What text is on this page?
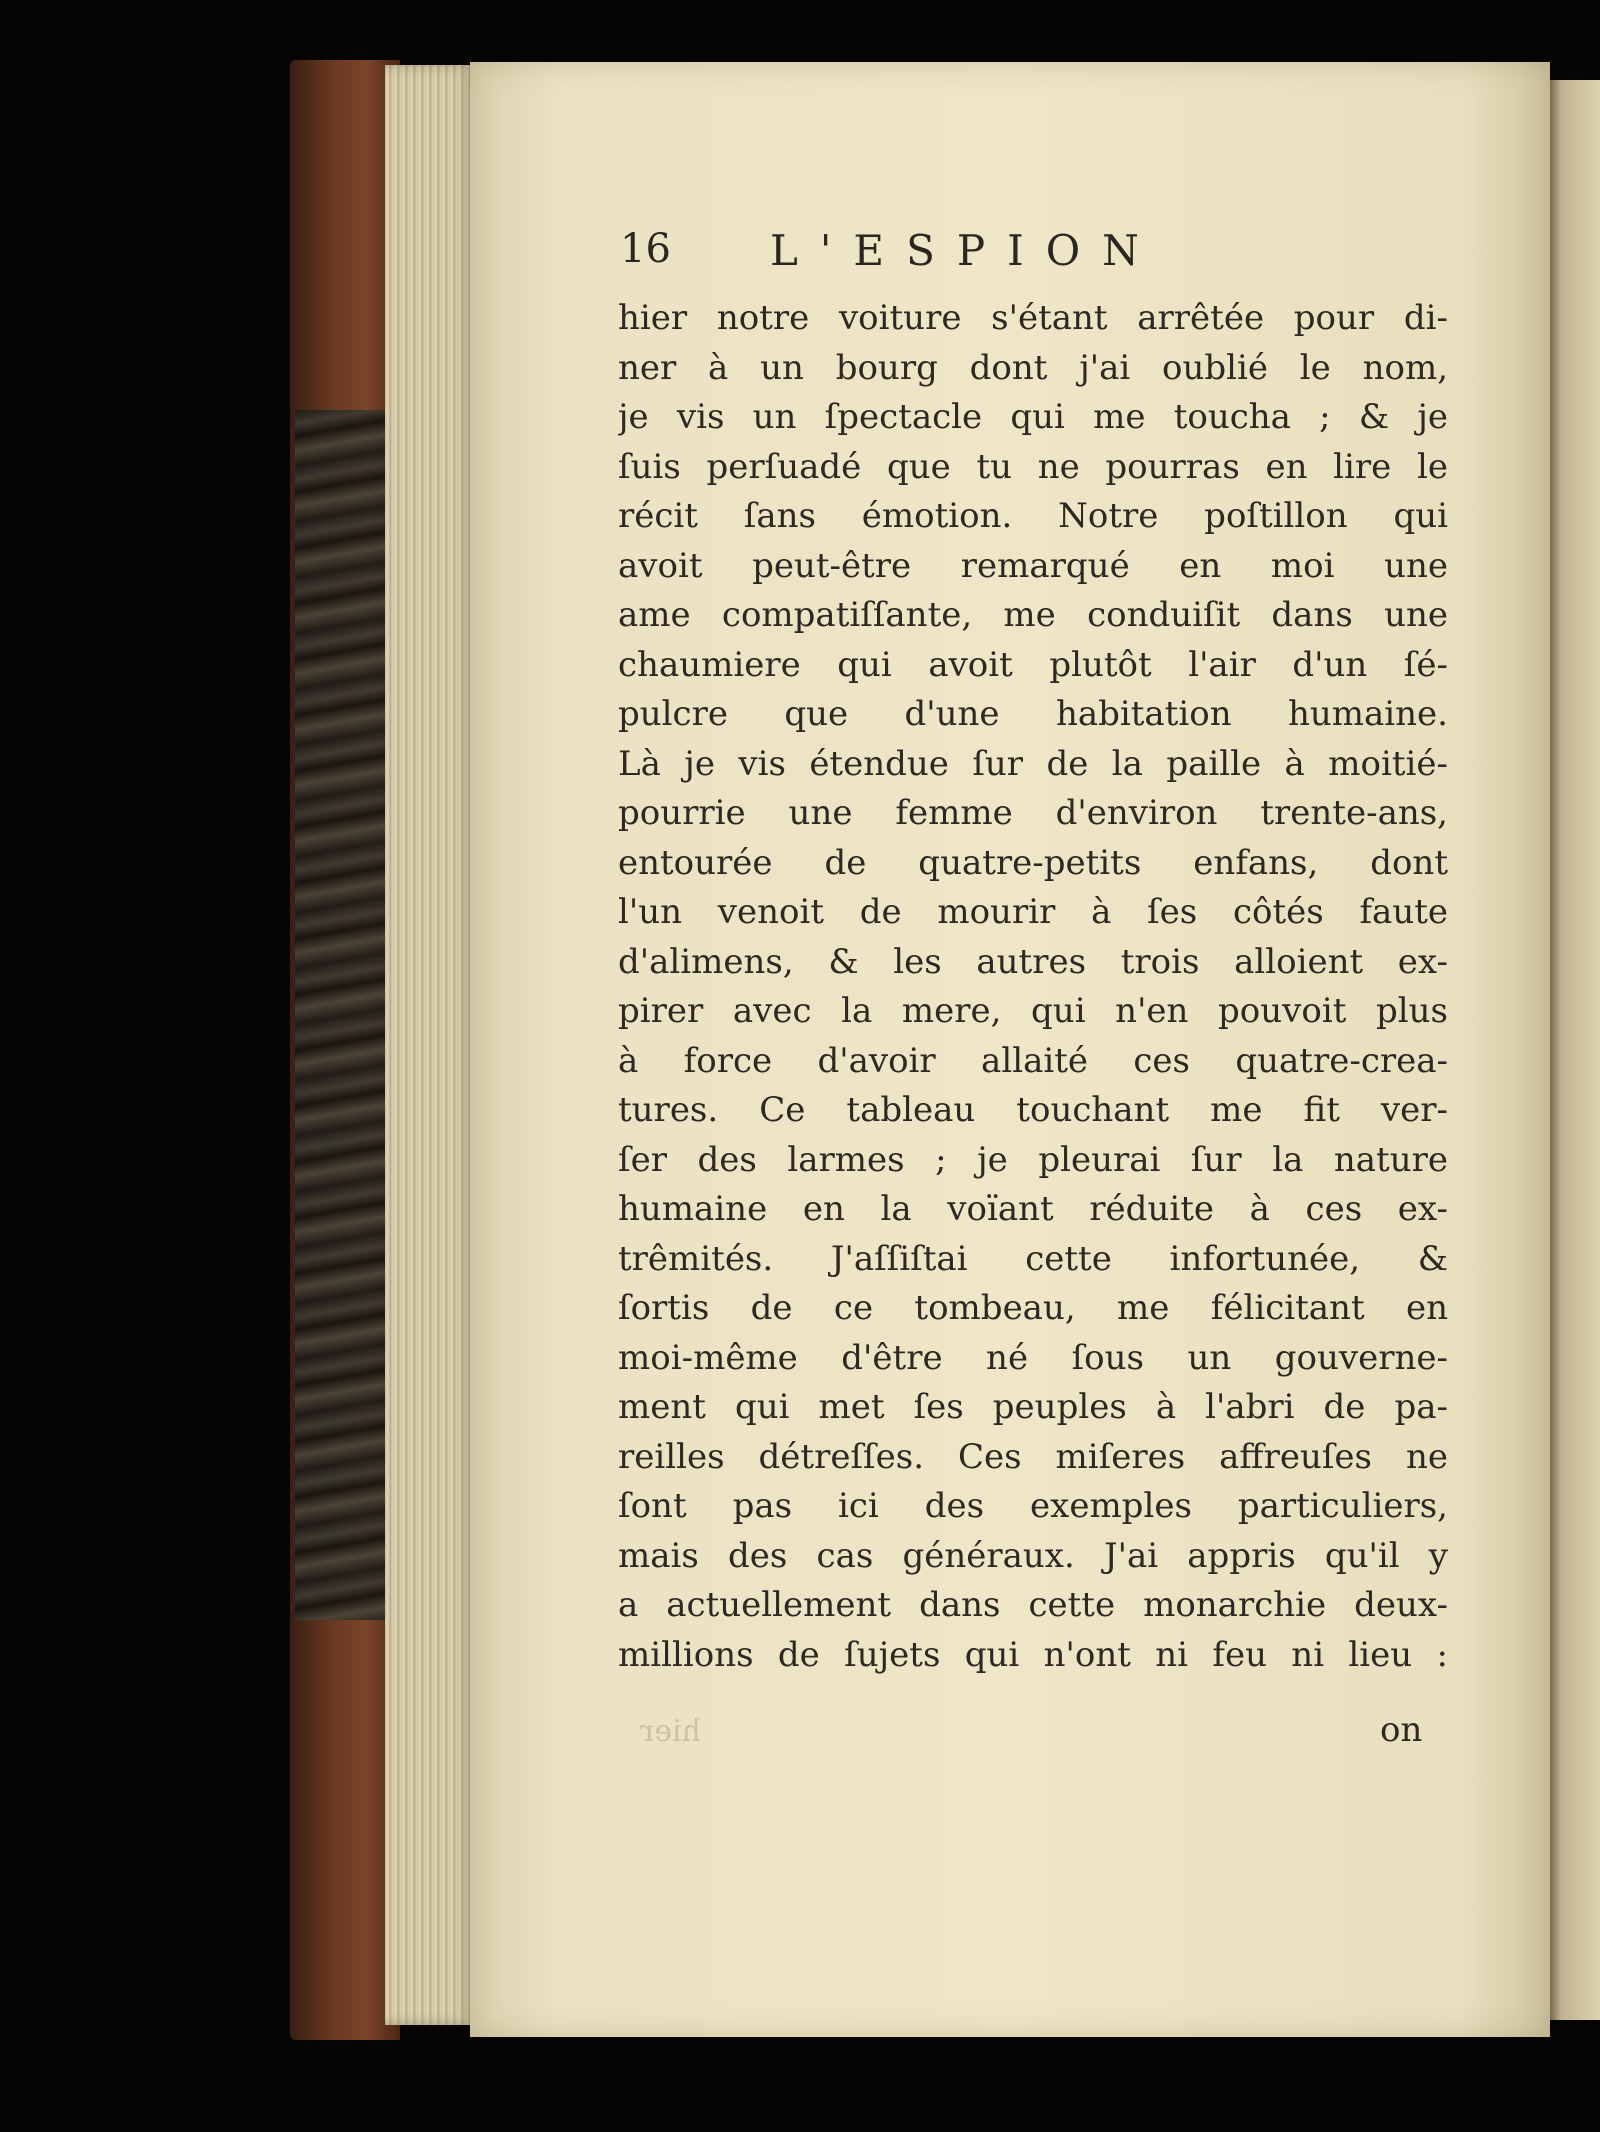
16 L'ESPION
hier notre voiture s'étant arrêtée pour di-
ner à un bourg dont j'ai oublié le nom,
je vis un ſpectacle qui me toucha ; & je
ſuis perſuadé que tu ne pourras en lire le
récit ſans émotion. Notre poſtillon qui
avoit peut-être remarqué en moi une
ame compatiſſante, me conduiſit dans une
chaumiere qui avoit plutôt l'air d'un ſé-
pulcre que d'une habitation humaine.
Là je vis étendue ſur de la paille à moitié-
pourrie une femme d'environ trente-ans,
entourée de quatre-petits enfans, dont
l'un venoit de mourir à ſes côtés faute
d'alimens, & les autres trois alloient ex-
pirer avec la mere, qui n'en pouvoit plus
à force d'avoir allaité ces quatre-crea-
tures. Ce tableau touchant me fit ver-
ſer des larmes ; je pleurai ſur la nature
humaine en la voïant réduite à ces ex-
trêmités. J'aſſiſtai cette infortunée, &
ſortis de ce tombeau, me félicitant en
moi-même d'être né ſous un gouverne-
ment qui met ſes peuples à l'abri de pa-
reilles détreſſes. Ces miſeres affreuſes ne
ſont pas ici des exemples particuliers,
mais des cas généraux. J'ai appris qu'il y
a actuellement dans cette monarchie deux-
millions de ſujets qui n'ont ni feu ni lieu :
hier	on
